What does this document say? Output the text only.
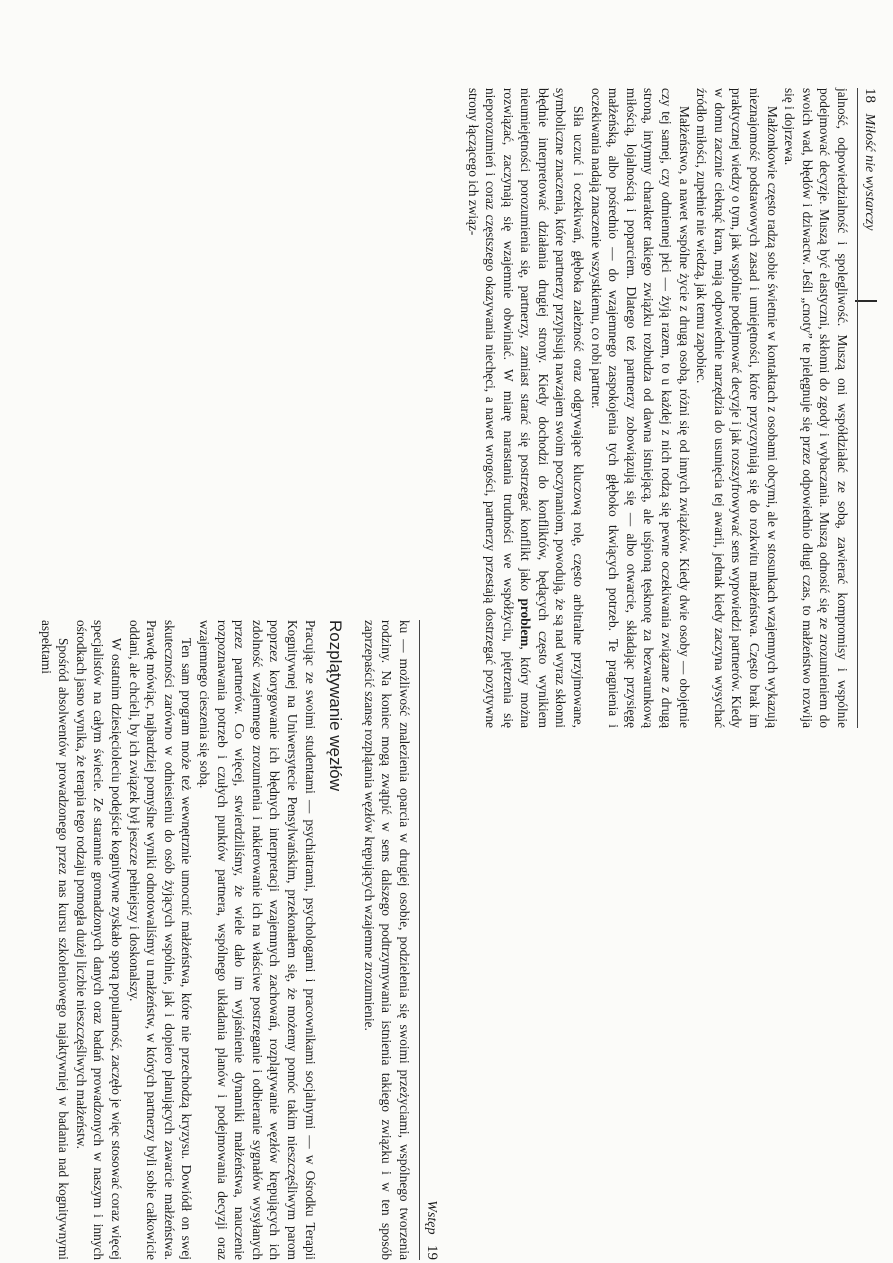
18   Miłość nie wystarczy

jalność, odpowiedzialność i spolegliwość. Muszą oni współdziałać ze sobą, zawierać kompromisy i wspólnie podejmować decyzje. Muszą być elastyczni, skłonni do zgody i wybaczania. Muszą odnosić się ze zrozumieniem do swoich wad, błędów i dziwactw. Jeśli „cnoty” te pielęgnuje się przez odpowiednio długi czas, to małżeństwo rozwija się i dojrzewa.

Małżonkowie często radzą sobie świetnie w kontaktach z osobami obcymi, ale w stosunkach wzajemnych wykazują nieznajomość podstawowych zasad i umiejętności, które przyczyniają się do rozkwitu małżeństwa. Często brak im praktycznej wiedzy o tym, jak wspólnie podejmować decyzje i jak rozszyfrowywać sens wypowiedzi partnerów. Kiedy w domu zacznie cieknąć kran, mają odpowiednie narzędzia do usunięcia tej awarii, jednak kiedy zaczyna wysychać źródło miłości, zupełnie nie wiedzą, jak temu zapobiec.

Małżeństwo, a nawet wspólne życie z drugą osobą, różni się od innych związków. Kiedy dwie osoby — obojętnie czy tej samej, czy odmiennej płci — żyją razem, to u każdej z nich rodzą się pewne oczekiwania związane z drugą stroną, intymny charakter takiego związku rozbudza od dawna istniejącą, ale uśpioną tęsknotę za bezwarunkową miłością, lojalnością i poparciem. Dlatego też partnerzy zobowiązują się — albo otwarcie, składając przysięgę małżeńską, albo pośrednio — do wzajemnego zaspokojenia tych głęboko tkwiących potrzeb. Te pragnienia i oczekiwania nadają znaczenie wszystkiemu, co robi partner.

Siła uczuć i oczekiwań, głęboka zależność oraz odgrywające kluczową rolę, często arbitralne przyjmowane, symboliczne znaczenia, które partnerzy przypisują nawzajem swoim poczynaniom, powodują, że są nad wyraz skłonni błędnie interpretować działania drugiej strony. Kiedy dochodzi do konfliktów, będących często wynikiem nieumiejętności porozumienia się, partnerzy, zamiast starać się postrzegać konflikt jako problem, który można rozwiązać, zaczynają się wzajemnie obwiniać. W miarę narastania trudności we współżyciu, piętrzenia się nieporozumień i coraz częstszego okazywania niechęci, a nawet wrogości, partnerzy przestają dostrzegać pozytywne strony łączącego ich związ-

Wstęp   19

ku — możliwość znalezienia oparcia w drugiej osobie, podzielenia się swoimi przeżyciami, wspólnego tworzenia rodziny. Na koniec mogą zwątpić w sens dalszego podtrzymywania istnienia takiego związku i w ten sposób zaprzepaścić szansę rozplątania węzłów krępujących wzajemne zrozumienie.

Rozplątywanie węzłów

Pracując ze swoimi studentami — psychiatrami, psychologami i pracownikami socjalnymi — w Ośrodku Terapii Kognitywnej na Uniwersytecie Pensylwańskim, przekonałem się, że możemy pomóc takim nieszczęśliwym parom poprzez korygowanie ich błędnych interpretacji wzajemnych zachowań, rozplątywanie węzłów krępujących ich zdolność wzajemnego zrozumienia i nakierowanie ich na właściwe postrzeganie i odbieranie sygnałów wysyłanych przez partnerów. Co więcej, stwierdziliśmy, że wiele dało im wyjaśnienie dynamiki małżeństwa, nauczenie rozpoznawania potrzeb i czułych punktów partnera, wspólnego układania planów i podejmowania decyzji oraz wzajemnego cieszenia się sobą.

Ten sam program może też wewnętrznie umocnić małżeństwa, które nie przechodzą kryzysu. Dowiódł on swej skuteczności zarówno w odniesieniu do osób żyjących wspólnie, jak i dopiero planujących zawarcie małżeństwa. Prawdę mówiąc, najbardziej pomyślne wyniki odnotowaliśmy u małżeństw, w których partnerzy byli sobie całkowicie oddani, ale chcieli, by ich związek był jeszcze pełniejszy i doskonalszy.

W ostatnim dziesięcioleciu podejście kognitywne zyskało sporą popularność, zaczęło je więc stosować coraz więcej specjalistów na całym świecie. Ze starannie gromadzonych danych oraz badań prowadzonych w naszym i innych ośrodkach jasno wynika, że terapia tego rodzaju pomogła dużej liczbie nieszczęśliwych małżeństw.

Spośród absolwentów prowadzonego przez nas kursu szkoleniowego najaktywniej w badania nad kognitywnymi aspektami
